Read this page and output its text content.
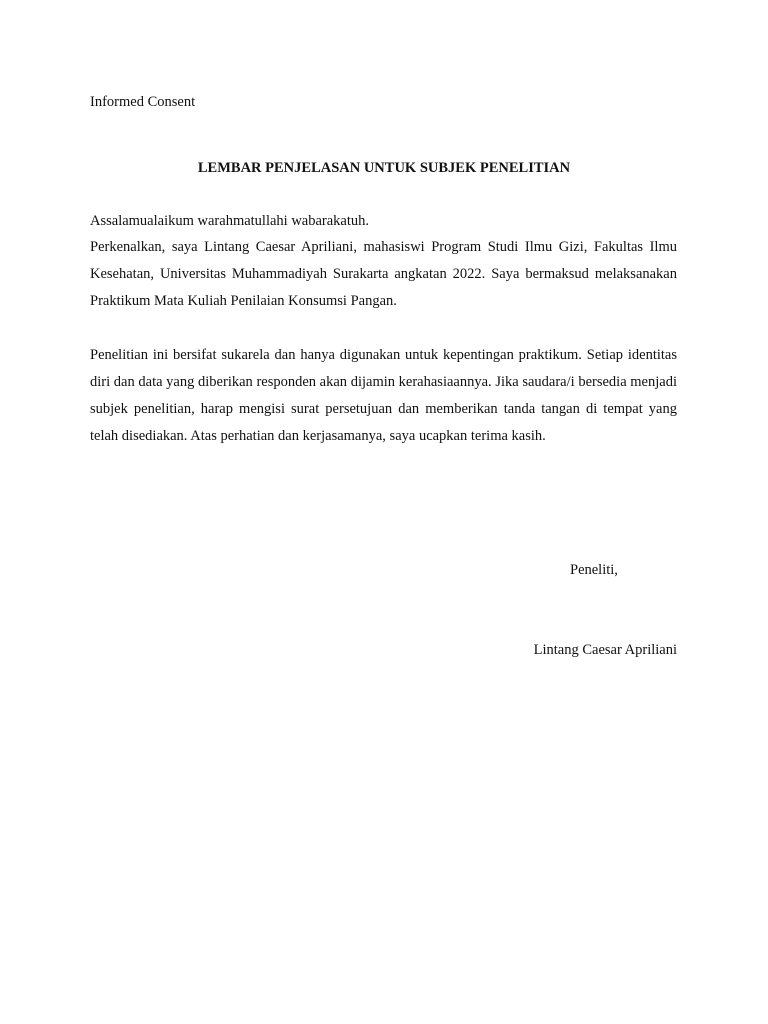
Informed Consent
LEMBAR PENJELASAN UNTUK SUBJEK PENELITIAN
Assalamualaikum warahmatullahi wabarakatuh.
Perkenalkan, saya Lintang Caesar Apriliani, mahasiswi Program Studi Ilmu Gizi, Fakultas Ilmu Kesehatan, Universitas Muhammadiyah Surakarta angkatan 2022. Saya bermaksud melaksanakan Praktikum Mata Kuliah Penilaian Konsumsi Pangan.
Penelitian ini bersifat sukarela dan hanya digunakan untuk kepentingan praktikum. Setiap identitas diri dan data yang diberikan responden akan dijamin kerahasiaannya. Jika saudara/i bersedia menjadi subjek penelitian, harap mengisi surat persetujuan dan memberikan tanda tangan di tempat yang telah disediakan. Atas perhatian dan kerjasamanya, saya ucapkan terima kasih.
Peneliti,
Lintang Caesar Apriliani
